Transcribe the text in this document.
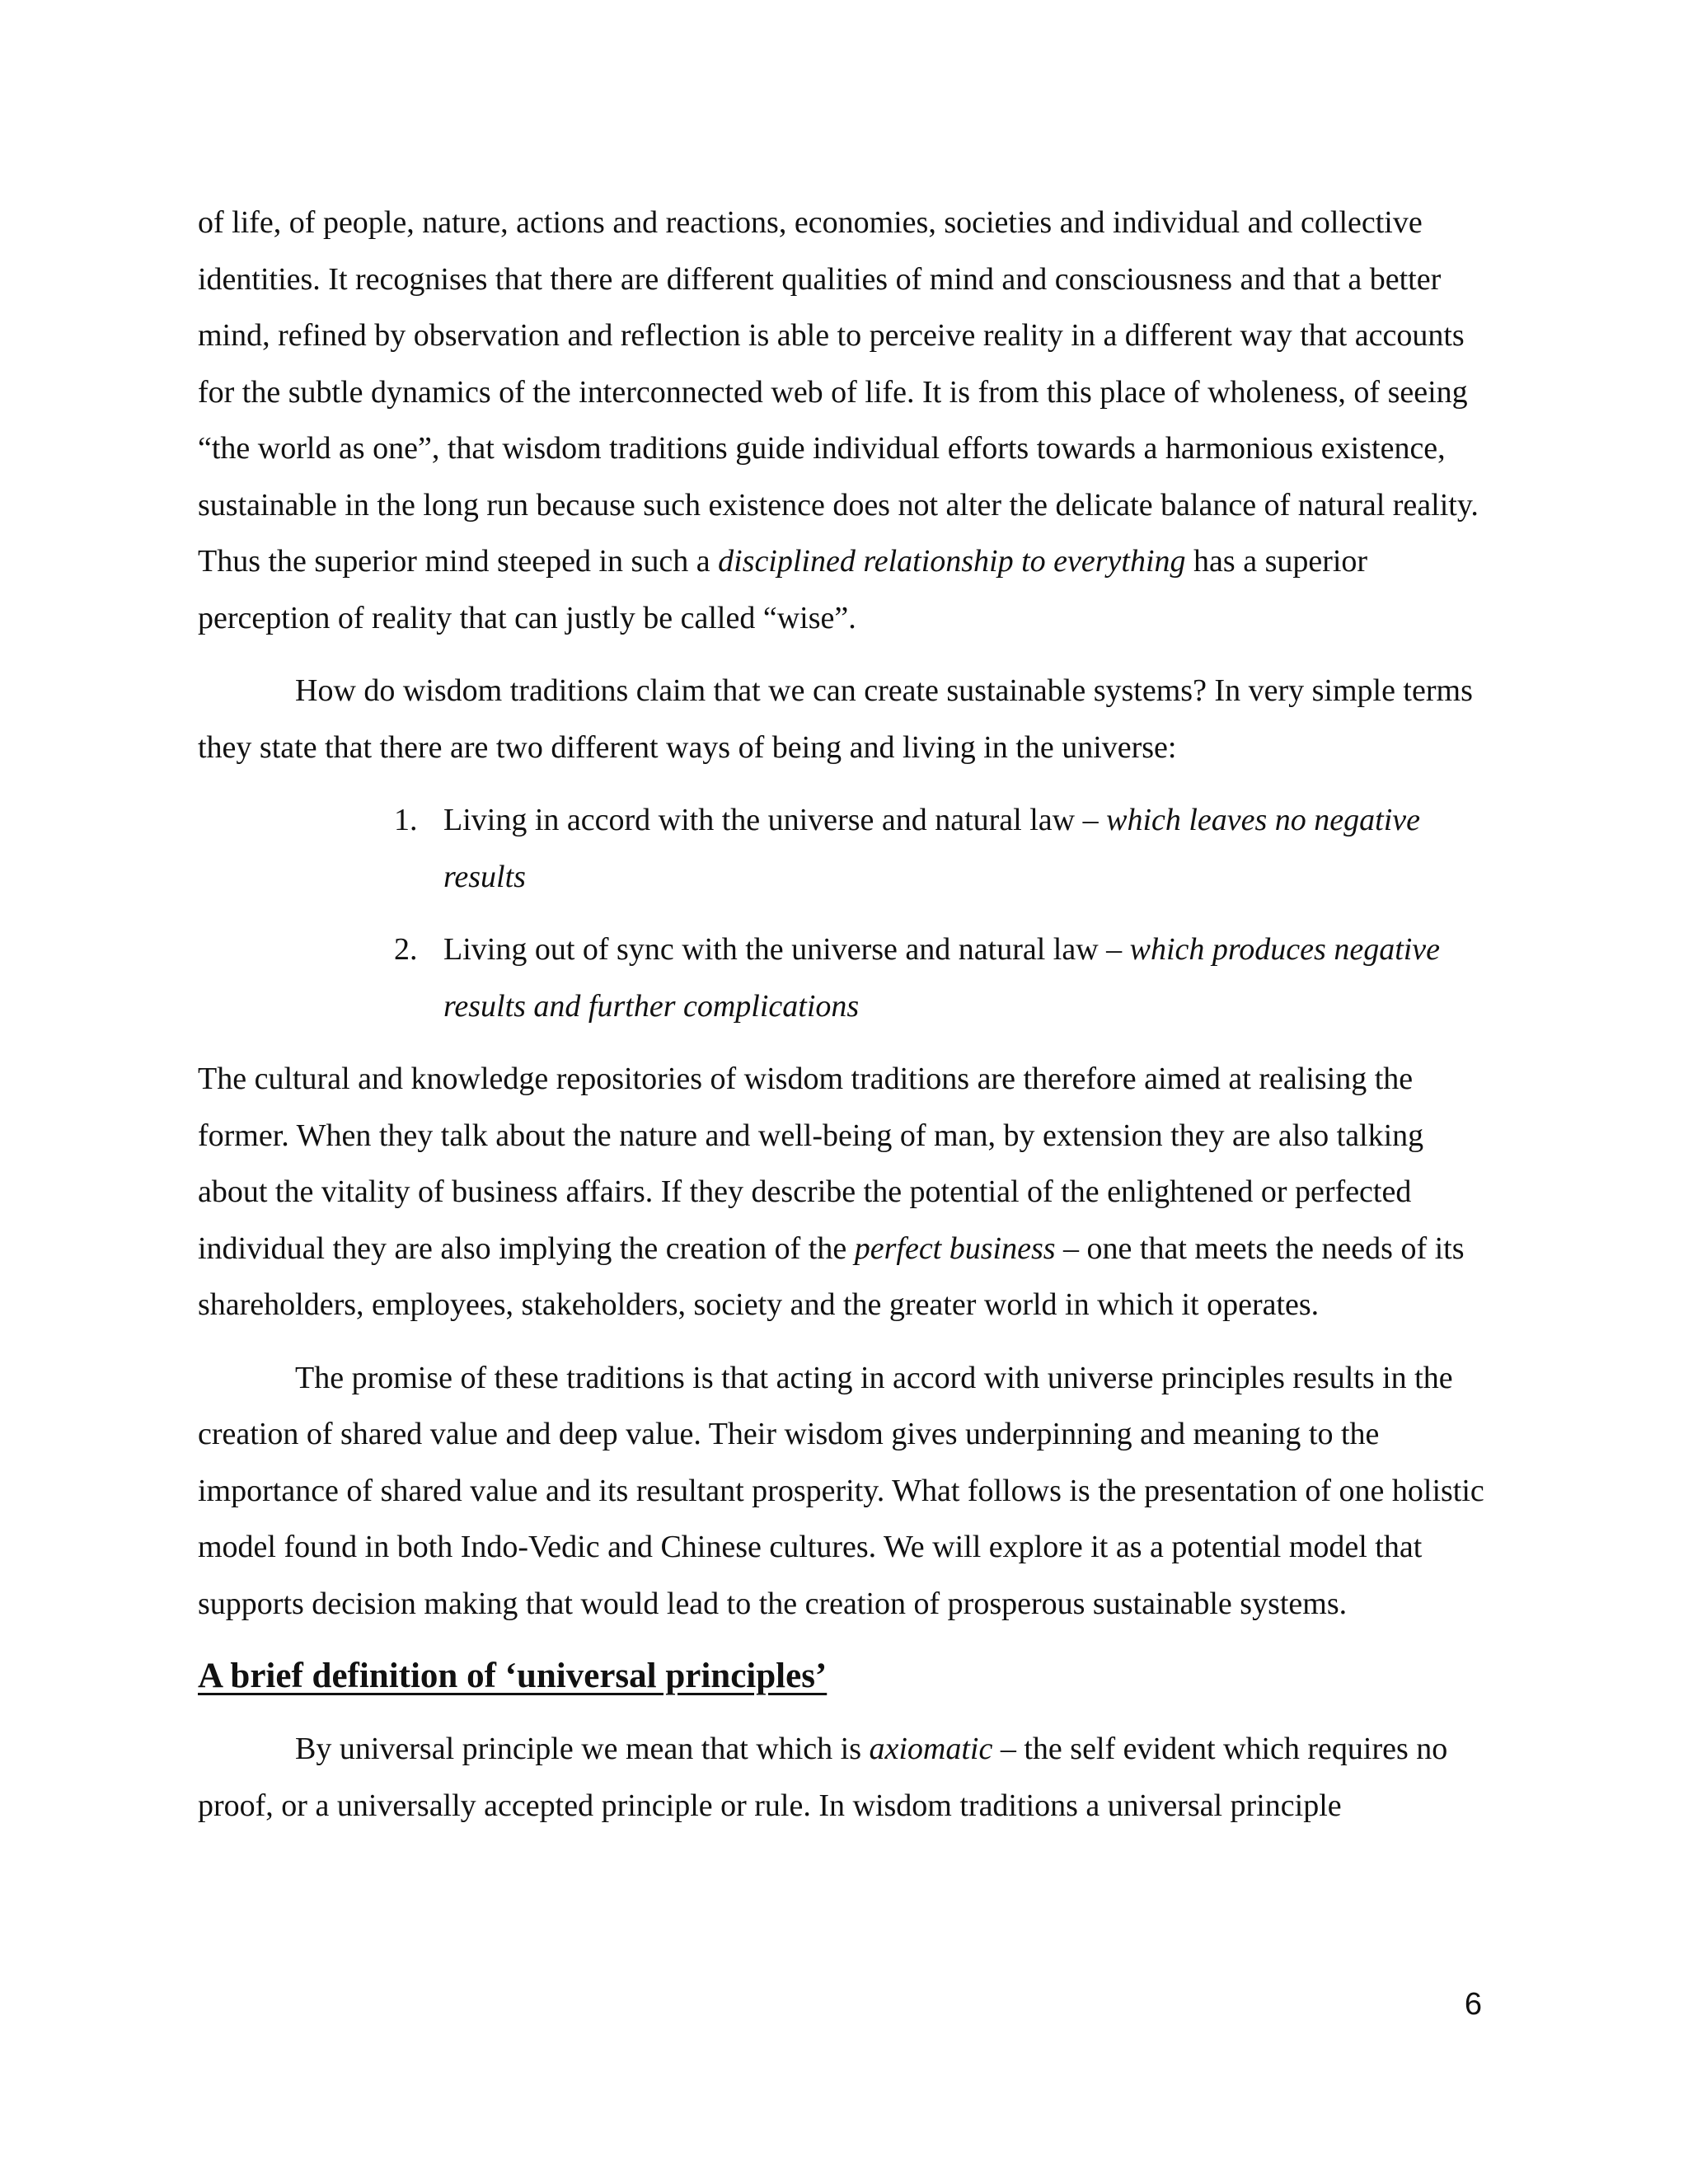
of life, of people, nature, actions and reactions, economies, societies and individual and collective identities. It recognises that there are different qualities of mind and consciousness and that a better mind, refined by observation and reflection is able to perceive reality in a different way that accounts for the subtle dynamics of the interconnected web of life. It is from this place of wholeness, of seeing “the world as one”, that wisdom traditions guide individual efforts towards a harmonious existence, sustainable in the long run because such existence does not alter the delicate balance of natural reality. Thus the superior mind steeped in such a disciplined relationship to everything has a superior perception of reality that can justly be called “wise”.

How do wisdom traditions claim that we can create sustainable systems? In very simple terms they state that there are two different ways of being and living in the universe:

1. Living in accord with the universe and natural law – which leaves no negative results
2. Living out of sync with the universe and natural law – which produces negative results and further complications

The cultural and knowledge repositories of wisdom traditions are therefore aimed at realising the former. When they talk about the nature and well-being of man, by extension they are also talking about the vitality of business affairs. If they describe the potential of the enlightened or perfected individual they are also implying the creation of the perfect business – one that meets the needs of its shareholders, employees, stakeholders, society and the greater world in which it operates.

The promise of these traditions is that acting in accord with universe principles results in the creation of shared value and deep value. Their wisdom gives underpinning and meaning to the importance of shared value and its resultant prosperity. What follows is the presentation of one holistic model found in both Indo-Vedic and Chinese cultures. We will explore it as a potential model that supports decision making that would lead to the creation of prosperous sustainable systems.

A brief definition of ‘universal principles’

By universal principle we mean that which is axiomatic – the self evident which requires no proof, or a universally accepted principle or rule. In wisdom traditions a universal principle

6
